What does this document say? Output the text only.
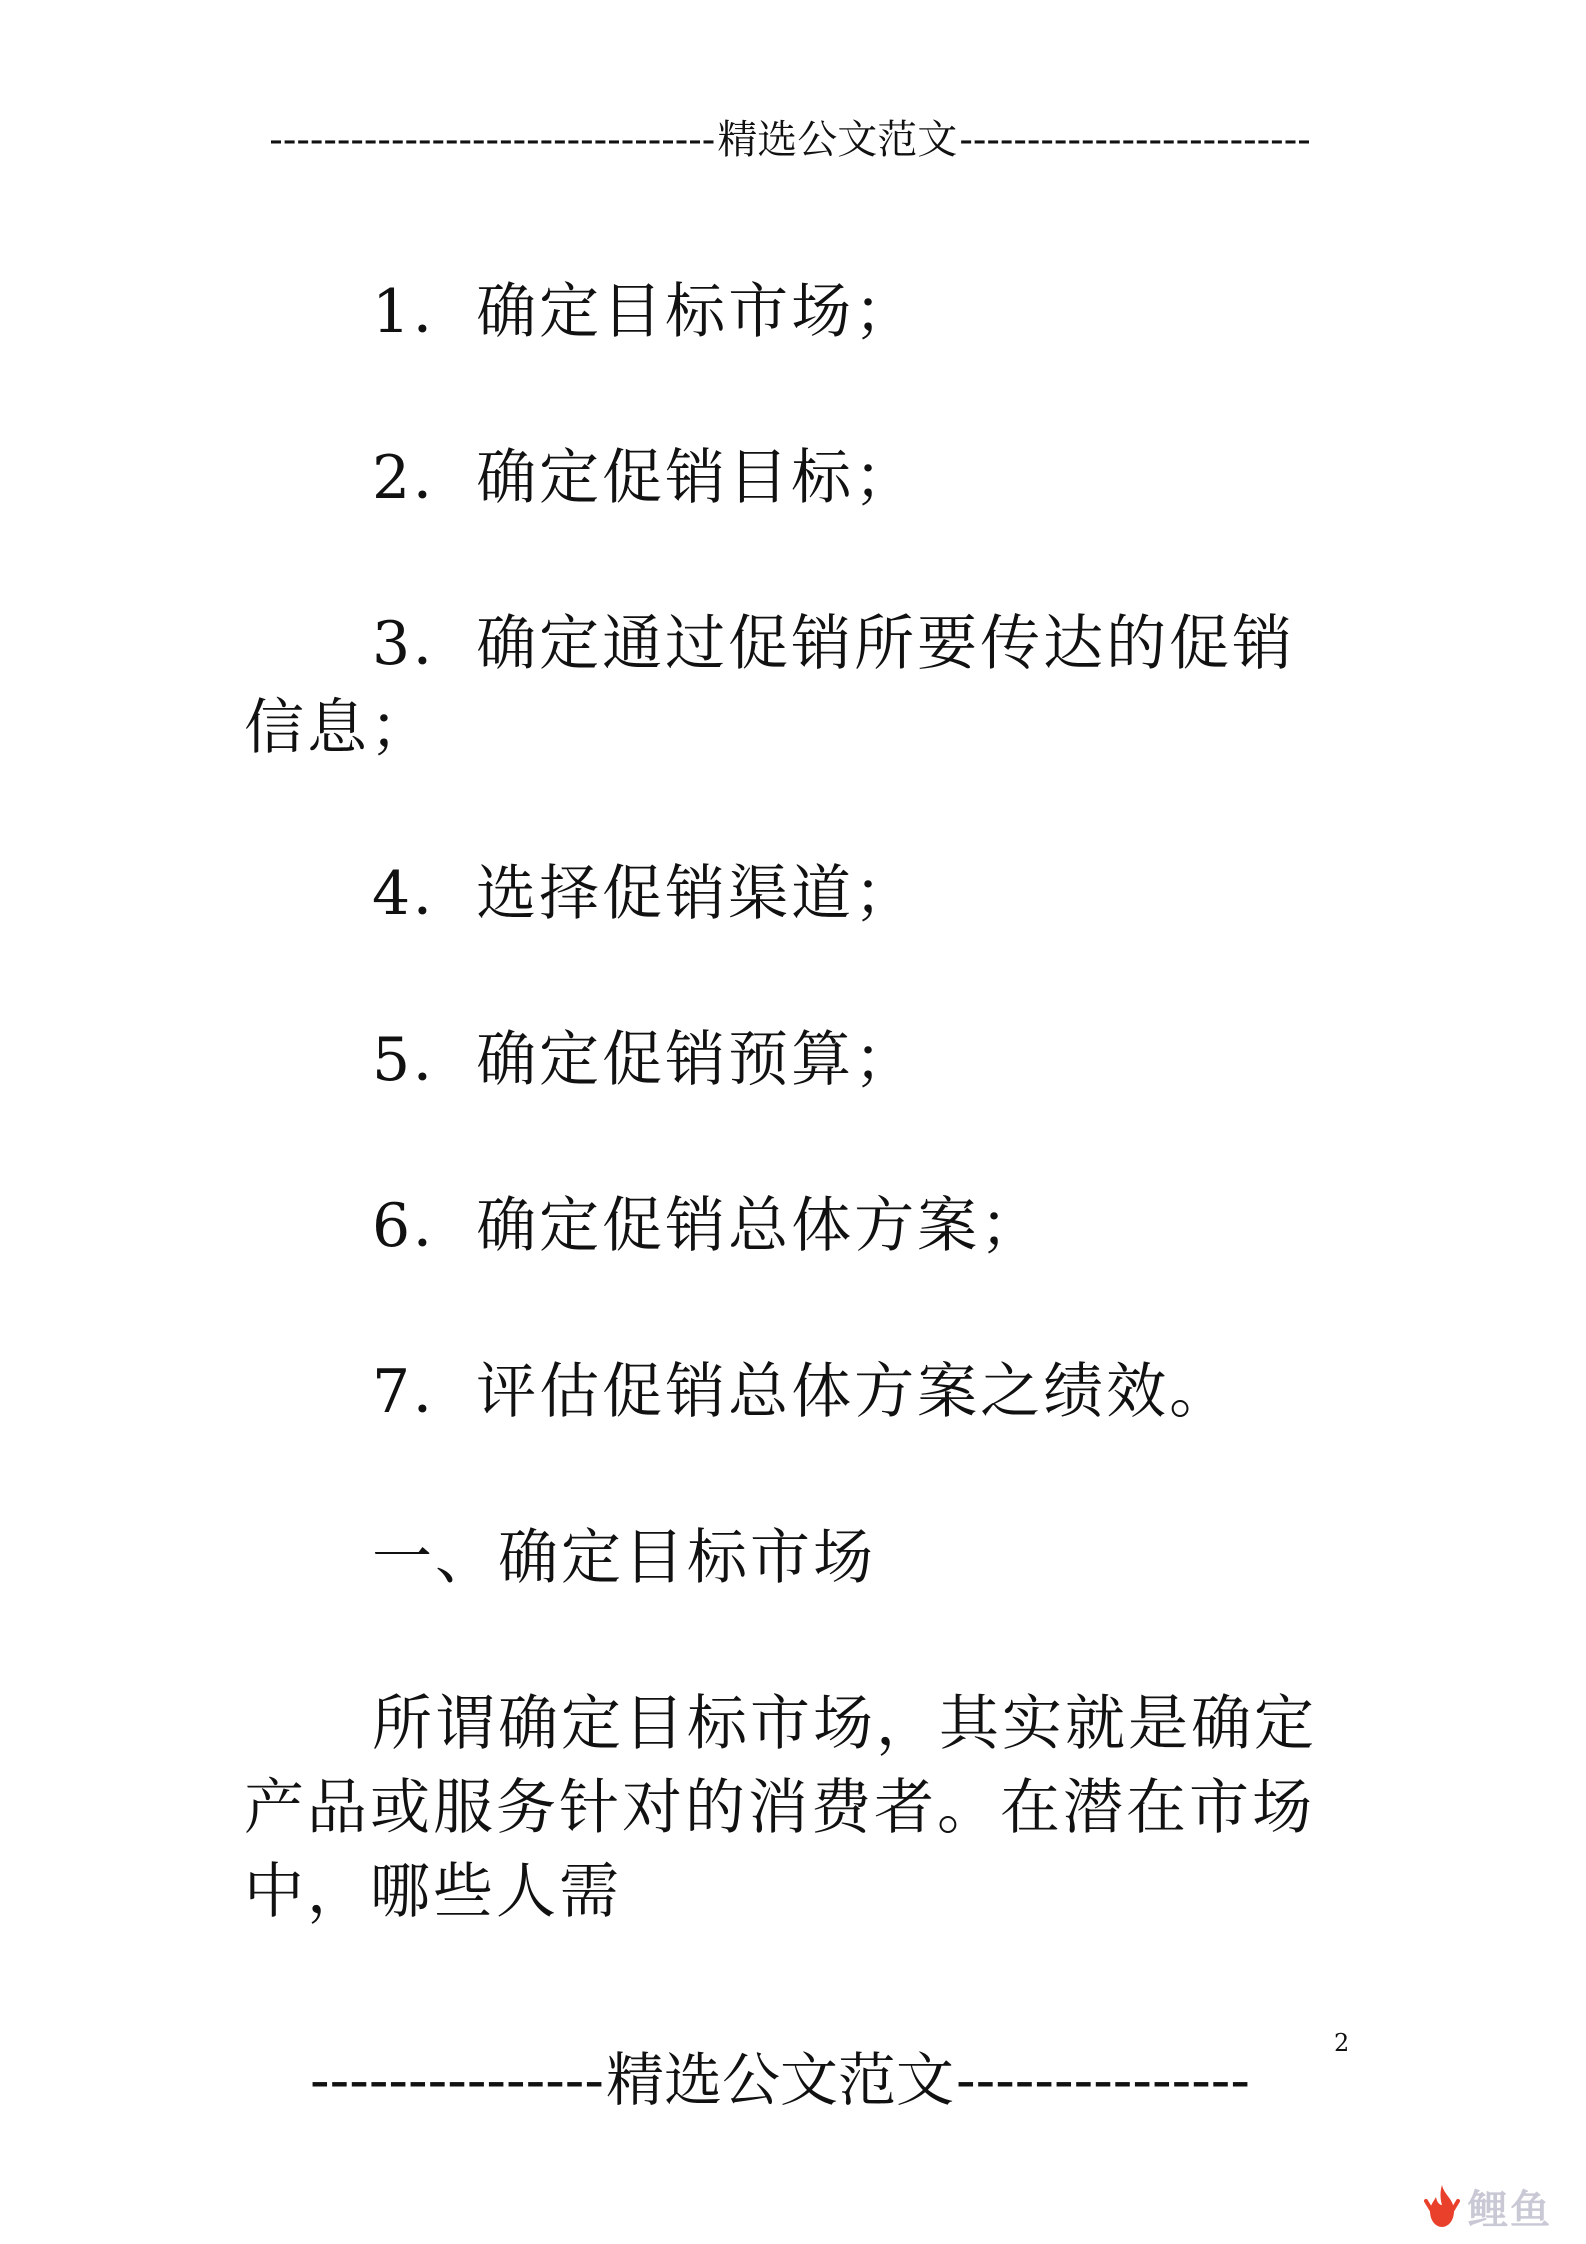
--------------------------------- 精选公文范文 --------------------------
1．确定目标市场；
2．确定促销目标；
3．确定通过促销所要传达的促销信息；
4．选择促销渠道；
5．确定促销预算；
6．确定促销总体方案；
7．评估促销总体方案之绩效。
一、确定目标市场
所谓确定目标市场，其实就是确定产品或服务针对的消费者。在潜在市场中，哪些人需
--------------- 精选公文范文 ---------------
2
鲤鱼
